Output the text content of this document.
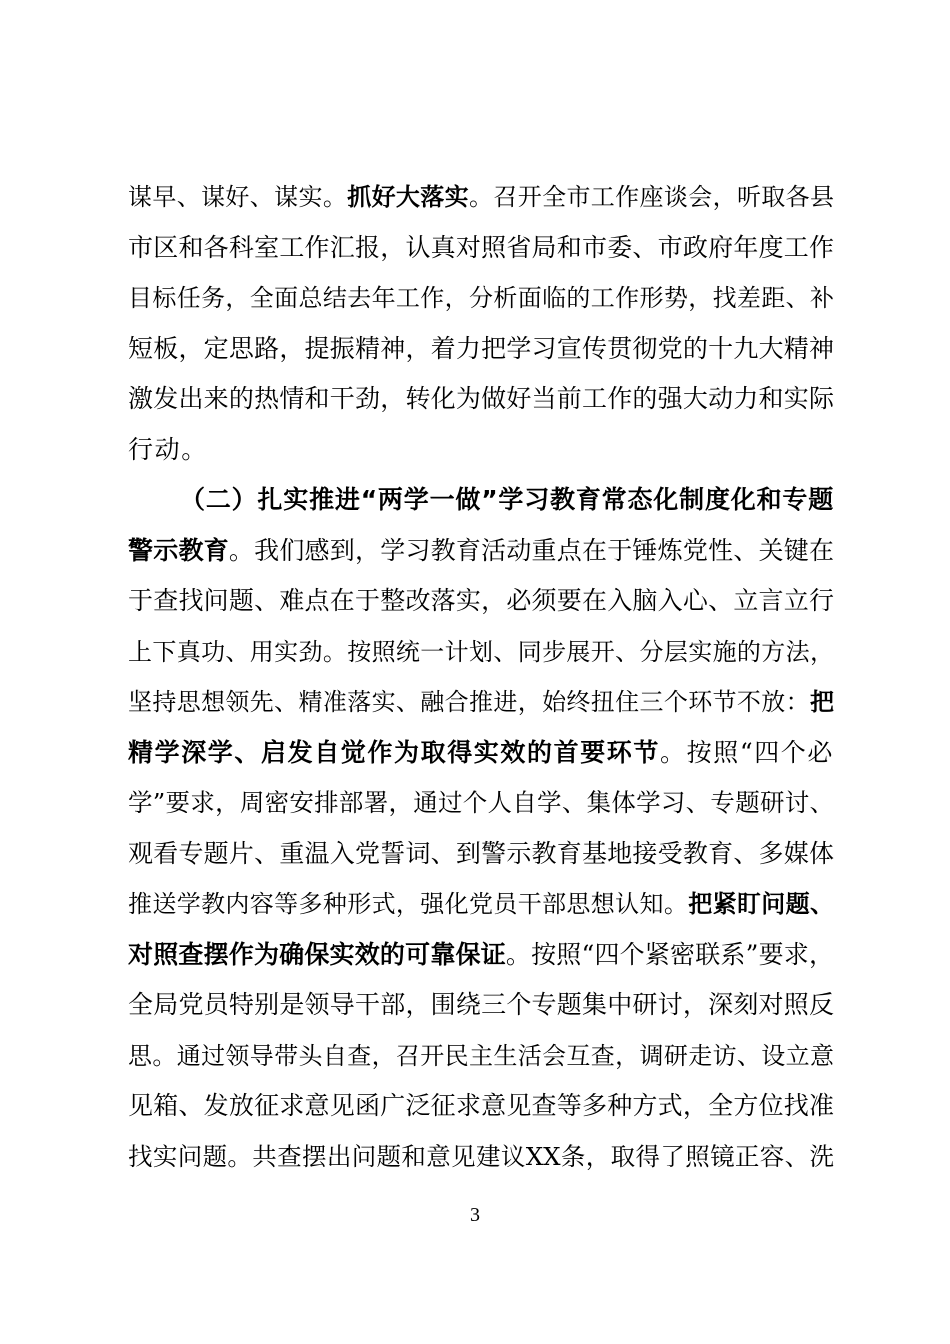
谋早、谋好、谋实。抓好大落实。召开全市工作座谈会，听取各县
市区和各科室工作汇报，认真对照省局和市委、市政府年度工作
目标任务，全面总结去年工作，分析面临的工作形势，找差距、补
短板，定思路，提振精神，着力把学习宣传贯彻党的十九大精神
激发出来的热情和干劲，转化为做好当前工作的强大动力和实际
行动。
（二）扎实推进“两学一做”学习教育常态化制度化和专题
警示教育。我们感到，学习教育活动重点在于锤炼党性、关键在
于查找问题、难点在于整改落实，必须要在入脑入心、立言立行
上下真功、用实劲。按照统一计划、同步展开、分层实施的方法，
坚持思想领先、精准落实、融合推进，始终扭住三个环节不放：把
精学深学、启发自觉作为取得实效的首要环节。按照“四个必
学”要求，周密安排部署，通过个人自学、集体学习、专题研讨、
观看专题片、重温入党誓词、到警示教育基地接受教育、多媒体
推送学教内容等多种形式，强化党员干部思想认知。把紧盯问题、
对照查摆作为确保实效的可靠保证。按照“四个紧密联系”要求，
全局党员特别是领导干部，围绕三个专题集中研讨，深刻对照反
思。通过领导带头自查，召开民主生活会互查，调研走访、设立意
见箱、发放征求意见函广泛征求意见查等多种方式，全方位找准
找实问题。共查摆出问题和意见建议XX条，取得了照镜正容、洗
3
